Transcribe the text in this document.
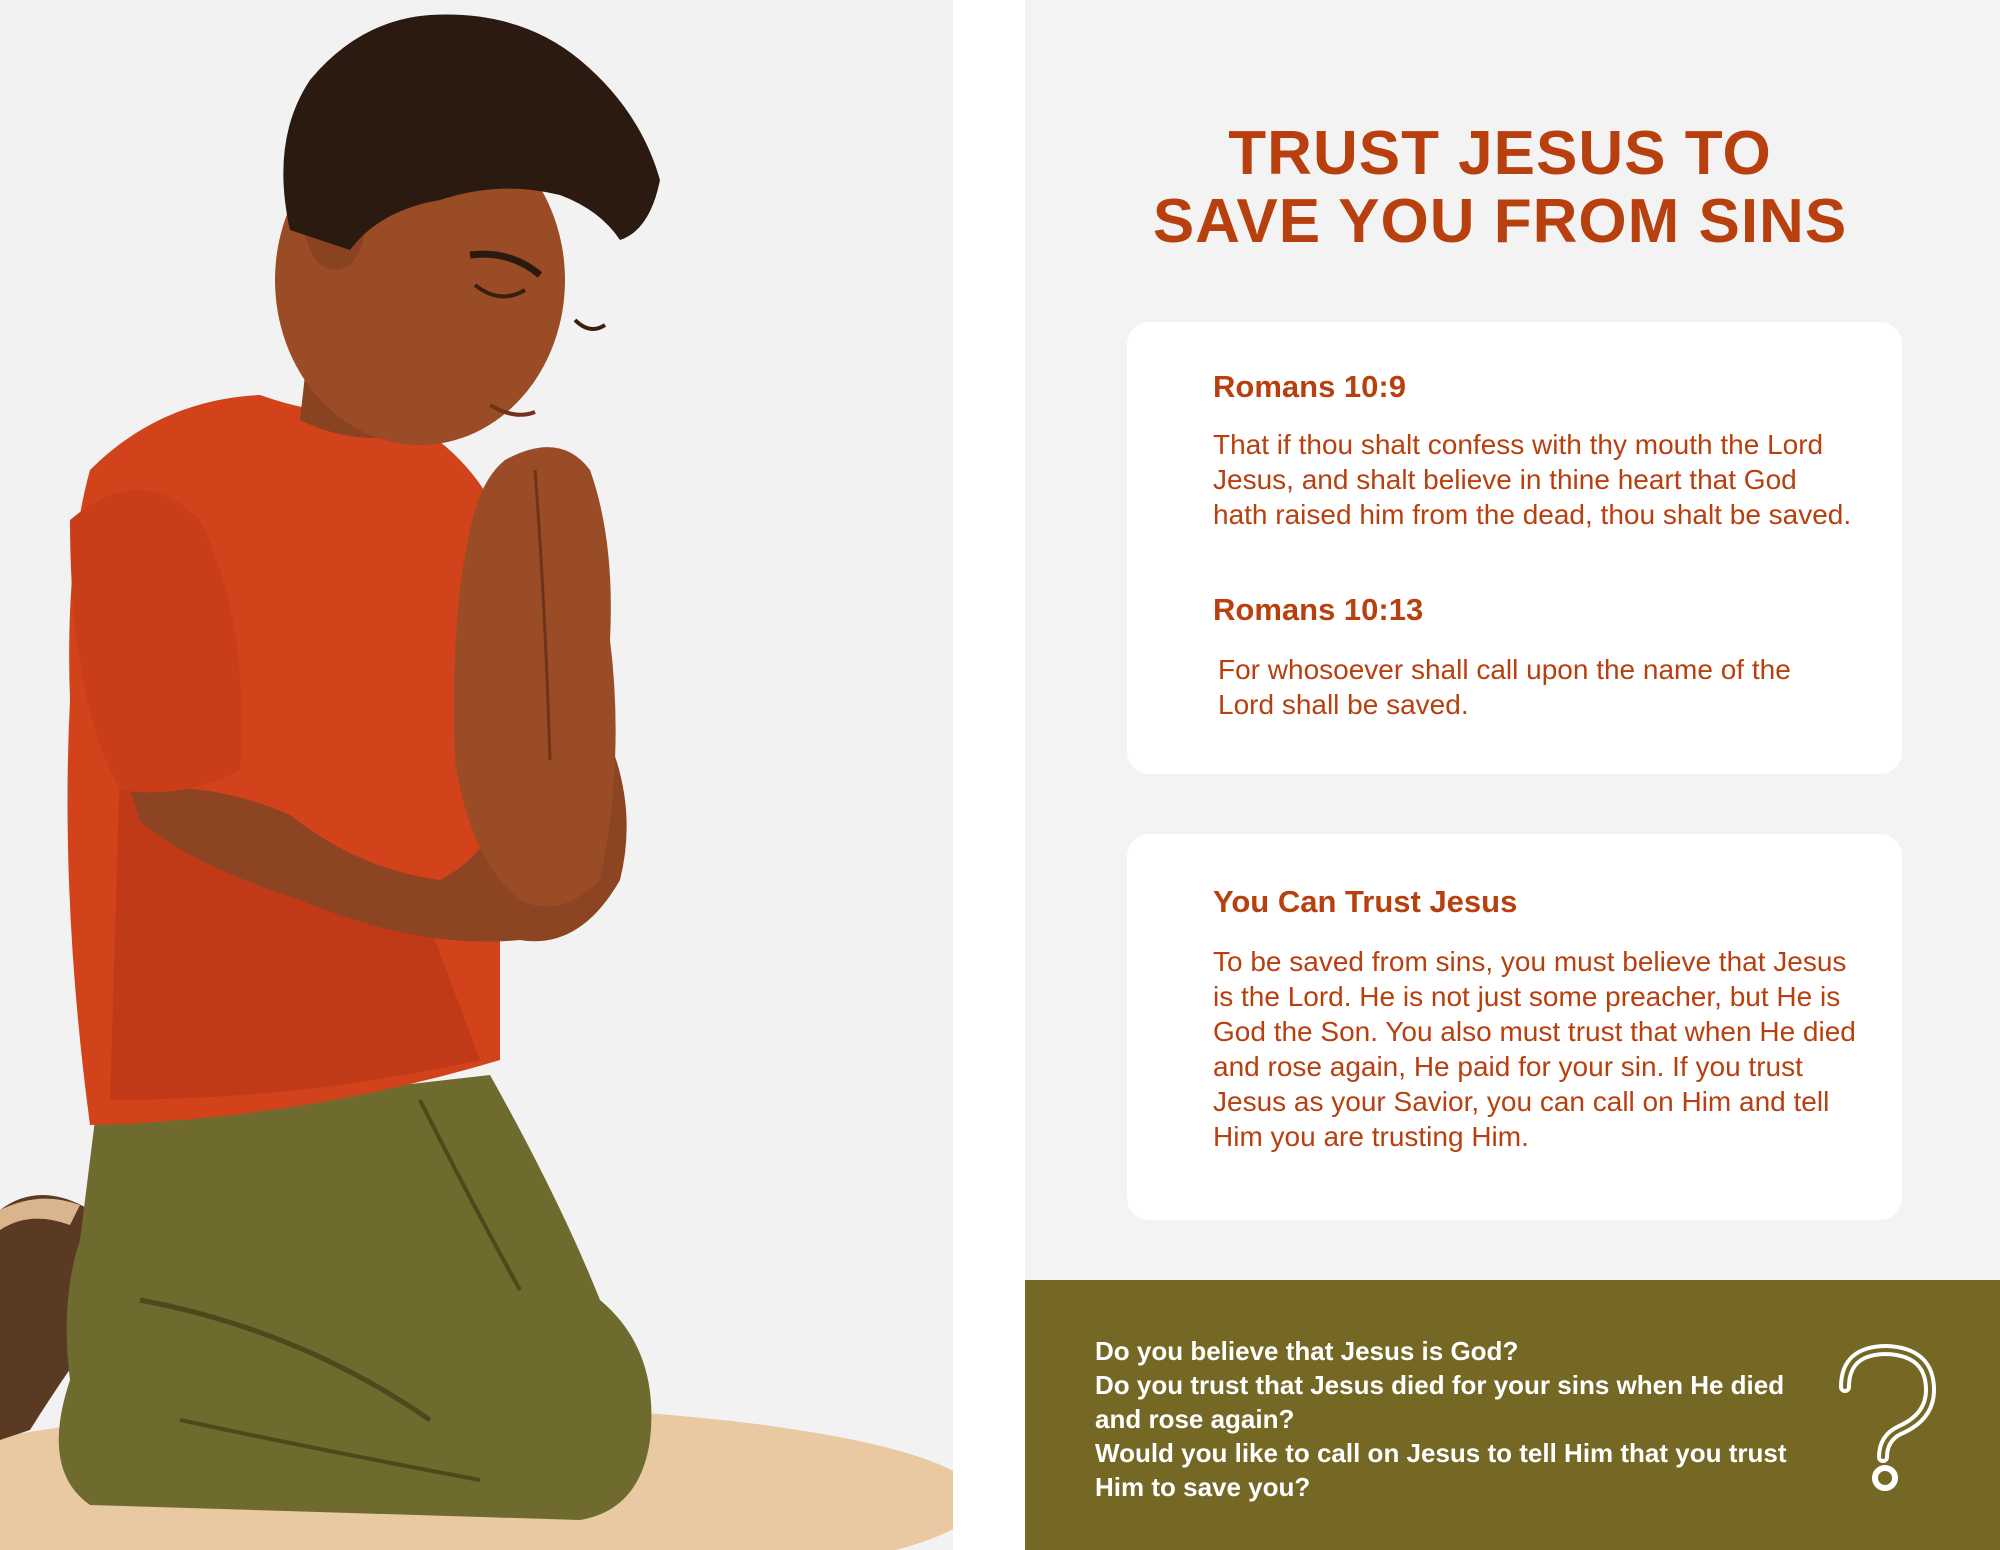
TRUST JESUS TO
SAVE YOU FROM SINS
Romans 10:9
That if thou shalt confess with thy mouth the Lord Jesus, and shalt believe in thine heart that God hath raised him from the dead, thou shalt be saved.
Romans 10:13
For whosoever shall call upon the name of the Lord shall be saved.
You Can Trust Jesus
To be saved from sins, you must believe that Jesus is the Lord. He is not just some preacher, but He is God the Son. You also must trust that when He died and rose again, He paid for your sin. If you trust Jesus as your Savior, you can call on Him and tell Him you are trusting Him.
Do you believe that Jesus is God?
Do you trust that Jesus died for your sins when He died and rose again?
Would you like to call on Jesus to tell Him that you trust Him to save you?
